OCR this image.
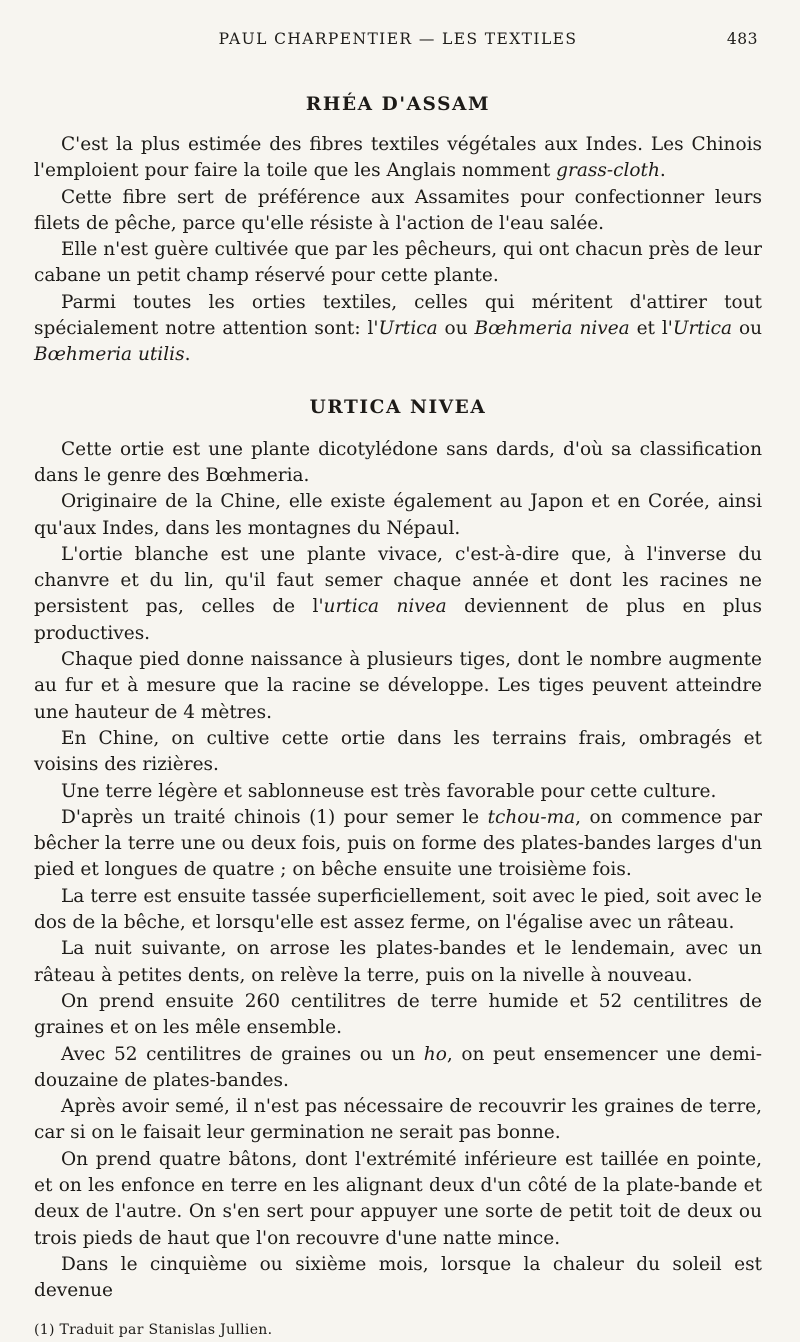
PAUL CHARPENTIER — LES TEXTILES	483
RHÉA D'ASSAM

C'est la plus estimée des fibres textiles végétales aux Indes. Les Chinois l'emploient pour faire la toile que les Anglais nomment grass-cloth.

Cette fibre sert de préférence aux Assamites pour confectionner leurs filets de pêche, parce qu'elle résiste à l'action de l'eau salée.

Elle n'est guère cultivée que par les pêcheurs, qui ont chacun près de leur cabane un petit champ réservé pour cette plante.

Parmi toutes les orties textiles, celles qui méritent d'attirer tout spécialement notre attention sont: l'Urtica ou Bœhmeria nivea et l'Urtica ou Bœhmeria utilis.

URTICA NIVEA

Cette ortie est une plante dicotylédone sans dards, d'où sa classification dans le genre des Bœhmeria.

Originaire de la Chine, elle existe également au Japon et en Corée, ainsi qu'aux Indes, dans les montagnes du Népaul.

L'ortie blanche est une plante vivace, c'est-à-dire que, à l'inverse du chanvre et du lin, qu'il faut semer chaque année et dont les racines ne persistent pas, celles de l'urtica nivea deviennent de plus en plus productives.

Chaque pied donne naissance à plusieurs tiges, dont le nombre augmente au fur et à mesure que la racine se développe. Les tiges peuvent atteindre une hauteur de 4 mètres.

En Chine, on cultive cette ortie dans les terrains frais, ombragés et voisins des rizières.

Une terre légère et sablonneuse est très favorable pour cette culture.

D'après un traité chinois (1) pour semer le tchou-ma, on commence par bêcher la terre une ou deux fois, puis on forme des plates-bandes larges d'un pied et longues de quatre ; on bêche ensuite une troisième fois.

La terre est ensuite tassée superficiellement, soit avec le pied, soit avec le dos de la bêche, et lorsqu'elle est assez ferme, on l'égalise avec un râteau.

La nuit suivante, on arrose les plates-bandes et le lendemain, avec un râteau à petites dents, on relève la terre, puis on la nivelle à nouveau.

On prend ensuite 260 centilitres de terre humide et 52 centilitres de graines et on les mêle ensemble.

Avec 52 centilitres de graines ou un ho, on peut ensemencer une demi-douzaine de plates-bandes.

Après avoir semé, il n'est pas nécessaire de recouvrir les graines de terre, car si on le faisait leur germination ne serait pas bonne.

On prend quatre bâtons, dont l'extrémité inférieure est taillée en pointe, et on les enfonce en terre en les alignant deux d'un côté de la plate-bande et deux de l'autre. On s'en sert pour appuyer une sorte de petit toit de deux ou trois pieds de haut que l'on recouvre d'une natte mince.

Dans le cinquième ou sixième mois, lorsque la chaleur du soleil est devenue

(1) Traduit par Stanislas Jullien.
